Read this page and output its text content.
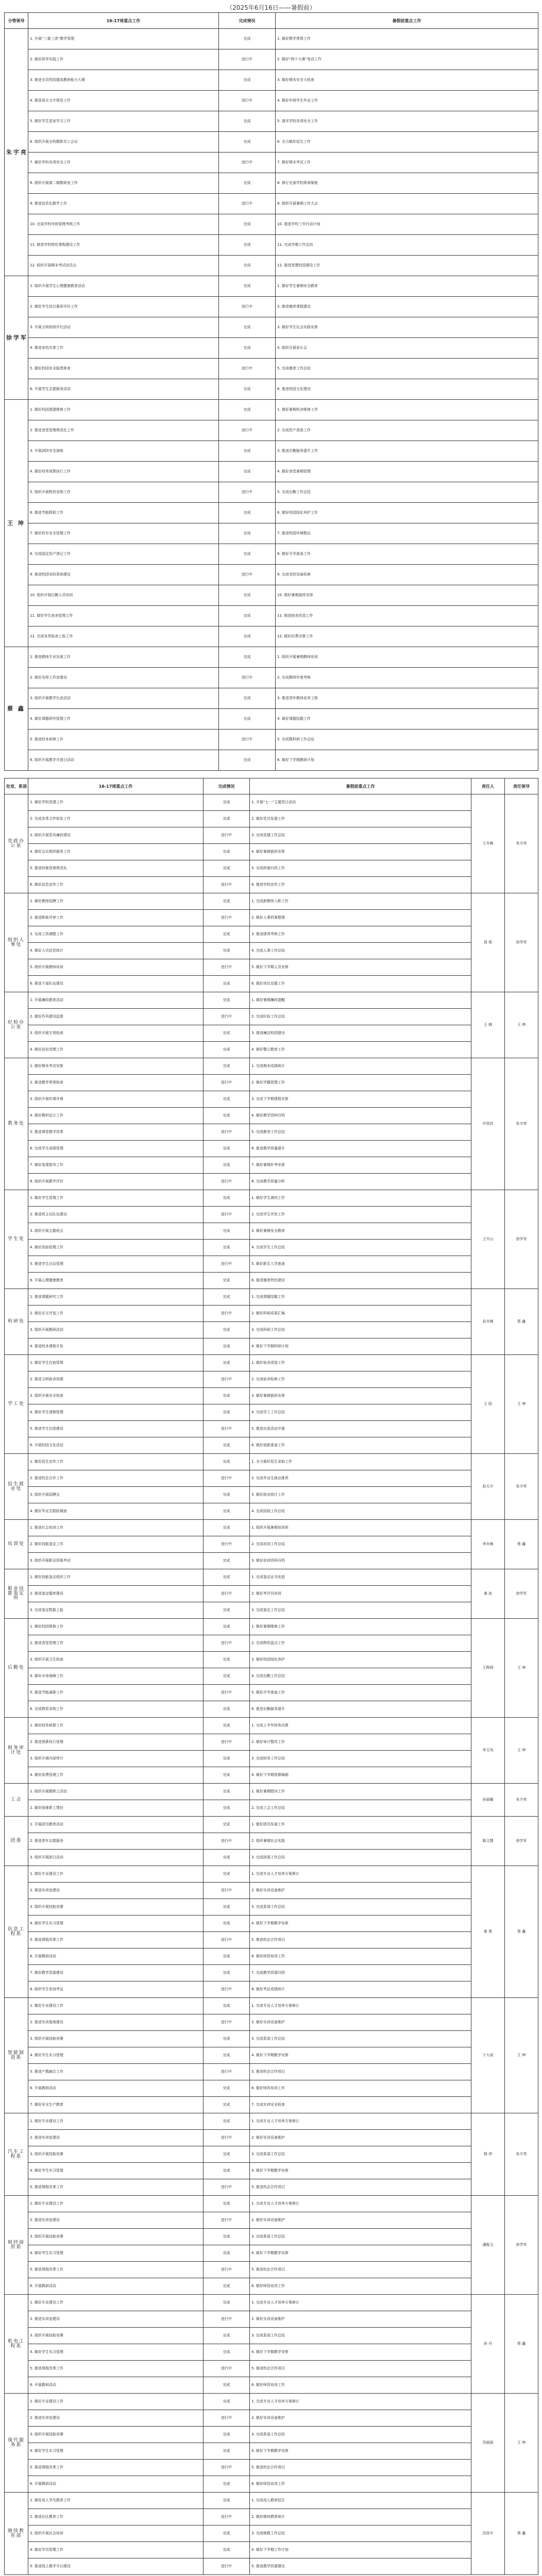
（2025年6月16日——暑假前）
分管领导	16-17周重点工作	完成情况	暑假前重点工作
朱宇亮	1. 开展“三重三清”教学管理	完成	1. 做好教学常规工作
	2. 做好研学实践工作	进行中	2. 做好“两个大赛”复试工作
	3. 推进全员校园提高教研能力大赛	完成	3. 做好期末安全大检查
	4. 推进语言文字规范工作	进行中	4. 做好年级学生毕业工作
	5. 做好学生居家学习工作	完成	5. 落实学校各项安全工作
	6. 组织开展全校教职员工会议	完成	6. 全力做好招生工作
	7. 做好学校各项安全工作	进行中	7. 做好期末考试工作
	8. 组织开展第二期教研室工作	完成	8. 修订完善学校规章制度
	9. 推进信息化教学工作	进行中	9. 组织开展暑期工作大会
	10. 完成学校年级管理考核工作	完成	10. 推进学校三年行动计划
	11. 推进学校特色课程建设工作	完成	11. 完成学期工作总结
	12. 组织开展期末考试动员会	完成	12. 推进智慧校园建设工作
徐学军	1. 组织开展学生心理健康教育活动	完成	1. 做好学生暑期安全教育
	2. 做好学生综合素质评价工作	进行中	2. 推进德育课程建设
	3. 开展文明班级评比活动	完成	3. 做好学生社会实践安排
	4. 推进家校共育工作	完成	4. 组织开展家长会
	5. 做好校园安全隐患排查	进行中	5. 完成德育工作总结
	6. 开展学生志愿服务活动	完成	6. 推进校园文化建设
王 坤	1. 做好校园基建维修工作	完成	1. 做好暑期校舍维修工作
	2. 推进食堂管理规范化工作	进行中	2. 完成资产清查工作
	3. 开展消防安全演练	完成	3. 推进后勤服务提升工作
	4. 做好财务预算执行工作	完成	4. 做好食堂暑期管理
	5. 组织开展物资采购工作	进行中	5. 完成后勤工作总结
	6. 推进节能降耗工作	完成	6. 做好校园绿化养护工作
	7. 做好校车安全管理工作	完成	7. 推进校园环境整治
	8. 完成固定资产登记工作	完成	8. 做好开学准备工作
	9. 推进校园安防系统建设	进行中	9. 完成安防设备检修
	10. 组织开展后勤人员培训	完成	10. 做好暑期值班安排
	11. 做好学生宿舍管理工作	完成	11. 推进宿舍改造工作
	12. 完成各类报表上报工作	完成	12. 做好经费决算工作
蔡 鑫	1. 推进教师专业发展工作	完成	1. 组织开展暑期教师培训
	2. 做好名师工作室建设	进行中	2. 完成教师年度考核
	3. 组织开展教学比武活动	完成	3. 推进青年教师培养工程
	4. 做好课题研究管理工作	完成	4. 做好课题结题工作
	5. 推进校本研修工作	进行中	5. 完成教科研工作总结
	6. 组织开展教学开放日活动	完成	6. 做好下学期教研计划
处室、系部	16-17周重点工作	完成情况	暑假前重点工作	责任人	责任领导
党政办公室	1. 做好学校党建工作	完成	1. 开展“七一”主题党日活动	王冬梅	朱宇亮
	2. 完成各类文件收发工作	完成	2. 做好党员发展工作		
	3. 组织开展党风廉政建设	进行中	3. 完成党建工作总结		
	4. 做好会议组织服务工作	完成	4. 做好暑期值班安排		
	5. 推进档案管理规范化	完成	5. 完成档案归档工作		
	6. 做好信息宣传工作	进行中	6. 推进学校宣传工作		
组织人事处	1. 做好教师招聘工作	完成	1. 完成新教师入职工作	周 俊	徐学军
	2. 推进职称评审工作	进行中	2. 做好人事档案整理		
	3. 完成工资调整工作	完成	3. 推进绩效考核工作		
	4. 做好人员信息统计	完成	4. 完成人事工作总结		
	5. 组织开展教师培训	进行中	5. 做好下学期人员安排		
	6. 推进干部队伍建设	完成	6. 做好岗位设置工作		
纪检办公室	1. 开展廉政教育活动	完成	1. 做好暑期廉政提醒	王 晓	王 坤
	2. 做好作风建设监督	进行中	2. 完成纪检工作总结		
	3. 组织开展专项检查	完成	3. 推进廉洁校园建设		
	4. 做好信访受理工作	完成	4. 做好警示教育工作		
教务处	1. 做好期末考试安排	完成	1. 完成期末成绩统计	许佳欣	朱宇亮
	2. 推进教学常规检查	进行中	2. 做好学籍管理工作		
	3. 组织开展听课评课	完成	3. 完成下学期课程安排		
	4. 做好教材征订工作	完成	4. 做好教学资料归档		
	5. 推进课堂教学改革	进行中	5. 完成教务工作总结		
	6. 完成学生成绩管理	完成	6. 推进教学质量提升		
	7. 做好选课指导工作	完成	7. 做好暑期补考安排		
	8. 组织开展教学评价	进行中	8. 完成教学质量分析		
学生处	1. 做好学生管理工作	完成	1. 做好学生离校工作	王开山	徐学军
	2. 推进班主任队伍建设	进行中	2. 完成学生评优工作		
	3. 组织开展主题班会	完成	3. 做好暑期安全教育		
	4. 做好资助管理工作	完成	4. 完成学生工作总结		
	5. 推进学生自治管理	进行中	5. 做好新生入学准备		
	6. 开展心理健康教育	完成	6. 推进德育特色建设		
科研处	1. 推进课题研究工作	完成	1. 完成课题结题工作	孙冬梅	蔡 鑫
	2. 做好论文评选工作	进行中	2. 做好科研成果汇编		
	3. 组织开展教研活动	完成	3. 完成科研工作总结		
	4. 推进校本课程开发	完成	4. 做好下学期科研计划		
学工处	1. 做好学生住宿管理	完成	1. 做好宿舍清退工作	王 阳	王 坤
	2. 推进文明宿舍创建	进行中	2. 完成宿舍检修工作		
	3. 组织开展安全检查	完成	3. 做好暑期值班安排		
	4. 做好学生请假管理	完成	4. 完成学工工作总结		
	5. 推进学生社团建设	进行中	5. 推进社团活动开展		
	6. 开展校园文化活动	完成	6. 做好迎新准备工作		
招生就业处	1. 做好招生宣传工作	完成	1. 全力做好招生录取工作	赵天宇	朱宇亮
	2. 推进校企合作工作	进行中	2. 完成毕业生就业推荐		
	3. 组织开展招聘会	完成	3. 做好就业统计工作		
	4. 做好毕业生跟踪调查	完成	4. 完成招就工作总结		
培训处	1. 推进社会培训工作	完成	1. 组织开展暑期培训班	李冬梅	蔡 鑫
	2. 做好技能鉴定工作	进行中	2. 完成培训工作总结		
	3. 组织开展职业资格考试	完成	3. 做好培训资料归档		
职业技能鉴定所	1. 做好技能鉴定组织工作	完成	1. 完成鉴定证书发放	黄 波	徐学军
	2. 推进鉴定题库建设	进行中	2. 做好考评员培训		
	3. 完成鉴定数据上报	完成	3. 完成鉴定工作总结		
后勤处	1. 做好校园维修工作	完成	1. 做好暑期维修工作	王辉明	王 坤
	2. 推进食堂管理工作	进行中	2. 完成物资盘点工作		
	3. 组织开展卫生检查	完成	3. 做好校园绿化养护		
	4. 做好水电保障工作	完成	4. 完成后勤工作总结		
	5. 推进节能减排工作	进行中	5. 做好开学准备工作		
	6. 完成物资采购工作	完成	6. 推进后勤服务提升		
财务审计处	1. 做好财务核算工作	完成	1. 完成上半年财务决算	李玉凤	王 坤
	2. 推进预算执行管理	进行中	2. 做好审计整改工作		
	3. 组织开展内部审计	完成	3. 完成财务工作总结		
	4. 做好收费管理工作	完成	4. 做好下学期预算编制		
工会	1. 组织开展教职工活动	完成	1. 做好暑期慰问工作	孙丽娜	朱宇亮
	2. 做好困难职工帮扶	完成	2. 完成工会工作总结		
团委	1. 开展团员教育活动	完成	1. 做好团员发展工作	陈文慧	徐学军
	2. 推进青年志愿服务	进行中	2. 组织暑期社会实践		
	3. 组织开展团日活动	完成	3. 完成团委工作总结		
信息工程系	1. 做好专业建设工作	完成	1. 完成专业人才培养方案修订	夏 燕	蔡 鑫
	2. 推进实训室建设	进行中	2. 做好实训设备维护		
	3. 组织开展技能竞赛	完成	3. 完成系部工作总结		
	4. 做好学生实习管理	完成	4. 做好下学期教学安排		
	5. 推进课程改革工作	进行中	5. 推进校企合作项目		
	6. 开展教研活动	完成	6. 做好师资培训工作		
	7. 做好教学资源建设	完成	7. 完成教学资源归档		
	8. 组织学生参加考证	进行中	8. 做好考证成绩统计		
智能制造系	1. 做好专业建设工作	完成	1. 完成专业人才培养方案修订	于大成	王 坤
	2. 推进实训基地建设	进行中	2. 做好实训设备维护		
	3. 组织开展技能竞赛	完成	3. 完成系部工作总结		
	4. 做好学生实习管理	完成	4. 做好下学期教学安排		
	5. 推进产教融合工作	进行中	5. 推进校企合作项目		
	6. 开展教研活动	完成	6. 做好师资培训工作		
	7. 做好安全生产教育	完成	7. 完成实训安全检查		
汽车工程系	1. 做好专业建设工作	完成	1. 完成专业人才培养方案修订	杨 伟	朱宇亮
	2. 推进实训室建设	进行中	2. 做好实训设备维护		
	3. 组织开展技能竞赛	完成	3. 完成系部工作总结		
	4. 做好学生实习管理	完成	4. 做好下学期教学安排		
	5. 推进课程改革工作	进行中	5. 推进校企合作项目		
财经商贸系	1. 做好专业建设工作	完成	1. 完成专业人才培养方案修订	潘振文	徐学军
	2. 推进实训室建设	进行中	2. 做好实训设备维护		
	3. 组织开展技能竞赛	完成	3. 完成系部工作总结		
	4. 做好学生实习管理	完成	4. 做好下学期教学安排		
	5. 推进课程改革工作	进行中	5. 推进校企合作项目		
	6. 开展教研活动	完成	6. 做好师资培训工作		
机电工程系	1. 做好专业建设工作	完成	1. 完成专业人才培养方案修订	孙 丹	蔡 鑫
	2. 推进实训室建设	进行中	2. 做好实训设备维护		
	3. 组织开展技能竞赛	完成	3. 完成系部工作总结		
	4. 做好学生实习管理	完成	4. 做好下学期教学安排		
	5. 推进课程改革工作	进行中	5. 推进校企合作项目		
	6. 开展教研活动	完成	6. 做好师资培训工作		
现代服务系	1. 做好专业建设工作	完成	1. 完成专业人才培养方案修订	苏丽丽	王 坤
	2. 推进实训室建设	进行中	2. 做好实训设备维护		
	3. 组织开展技能竞赛	完成	3. 完成系部工作总结		
	4. 做好学生实习管理	完成	4. 做好下学期教学安排		
	5. 推进课程改革工作	进行中	5. 推进校企合作项目		
	6. 开展教研活动	完成	6. 做好师资培训工作		
继续教育部	1. 做好成人学历教育工作	完成	1. 完成成人教育招生	田佳宇	蔡 鑫
	2. 推进社区教育工作	进行中	2. 做好继续教育统计		
	3. 组织开展社会培训	完成	3. 完成继教工作总结		
	4. 做好学员管理工作	完成	4. 做好下学期工作计划		
	5. 推进线上教学平台建设	进行中	5. 推进教学资源建设		
